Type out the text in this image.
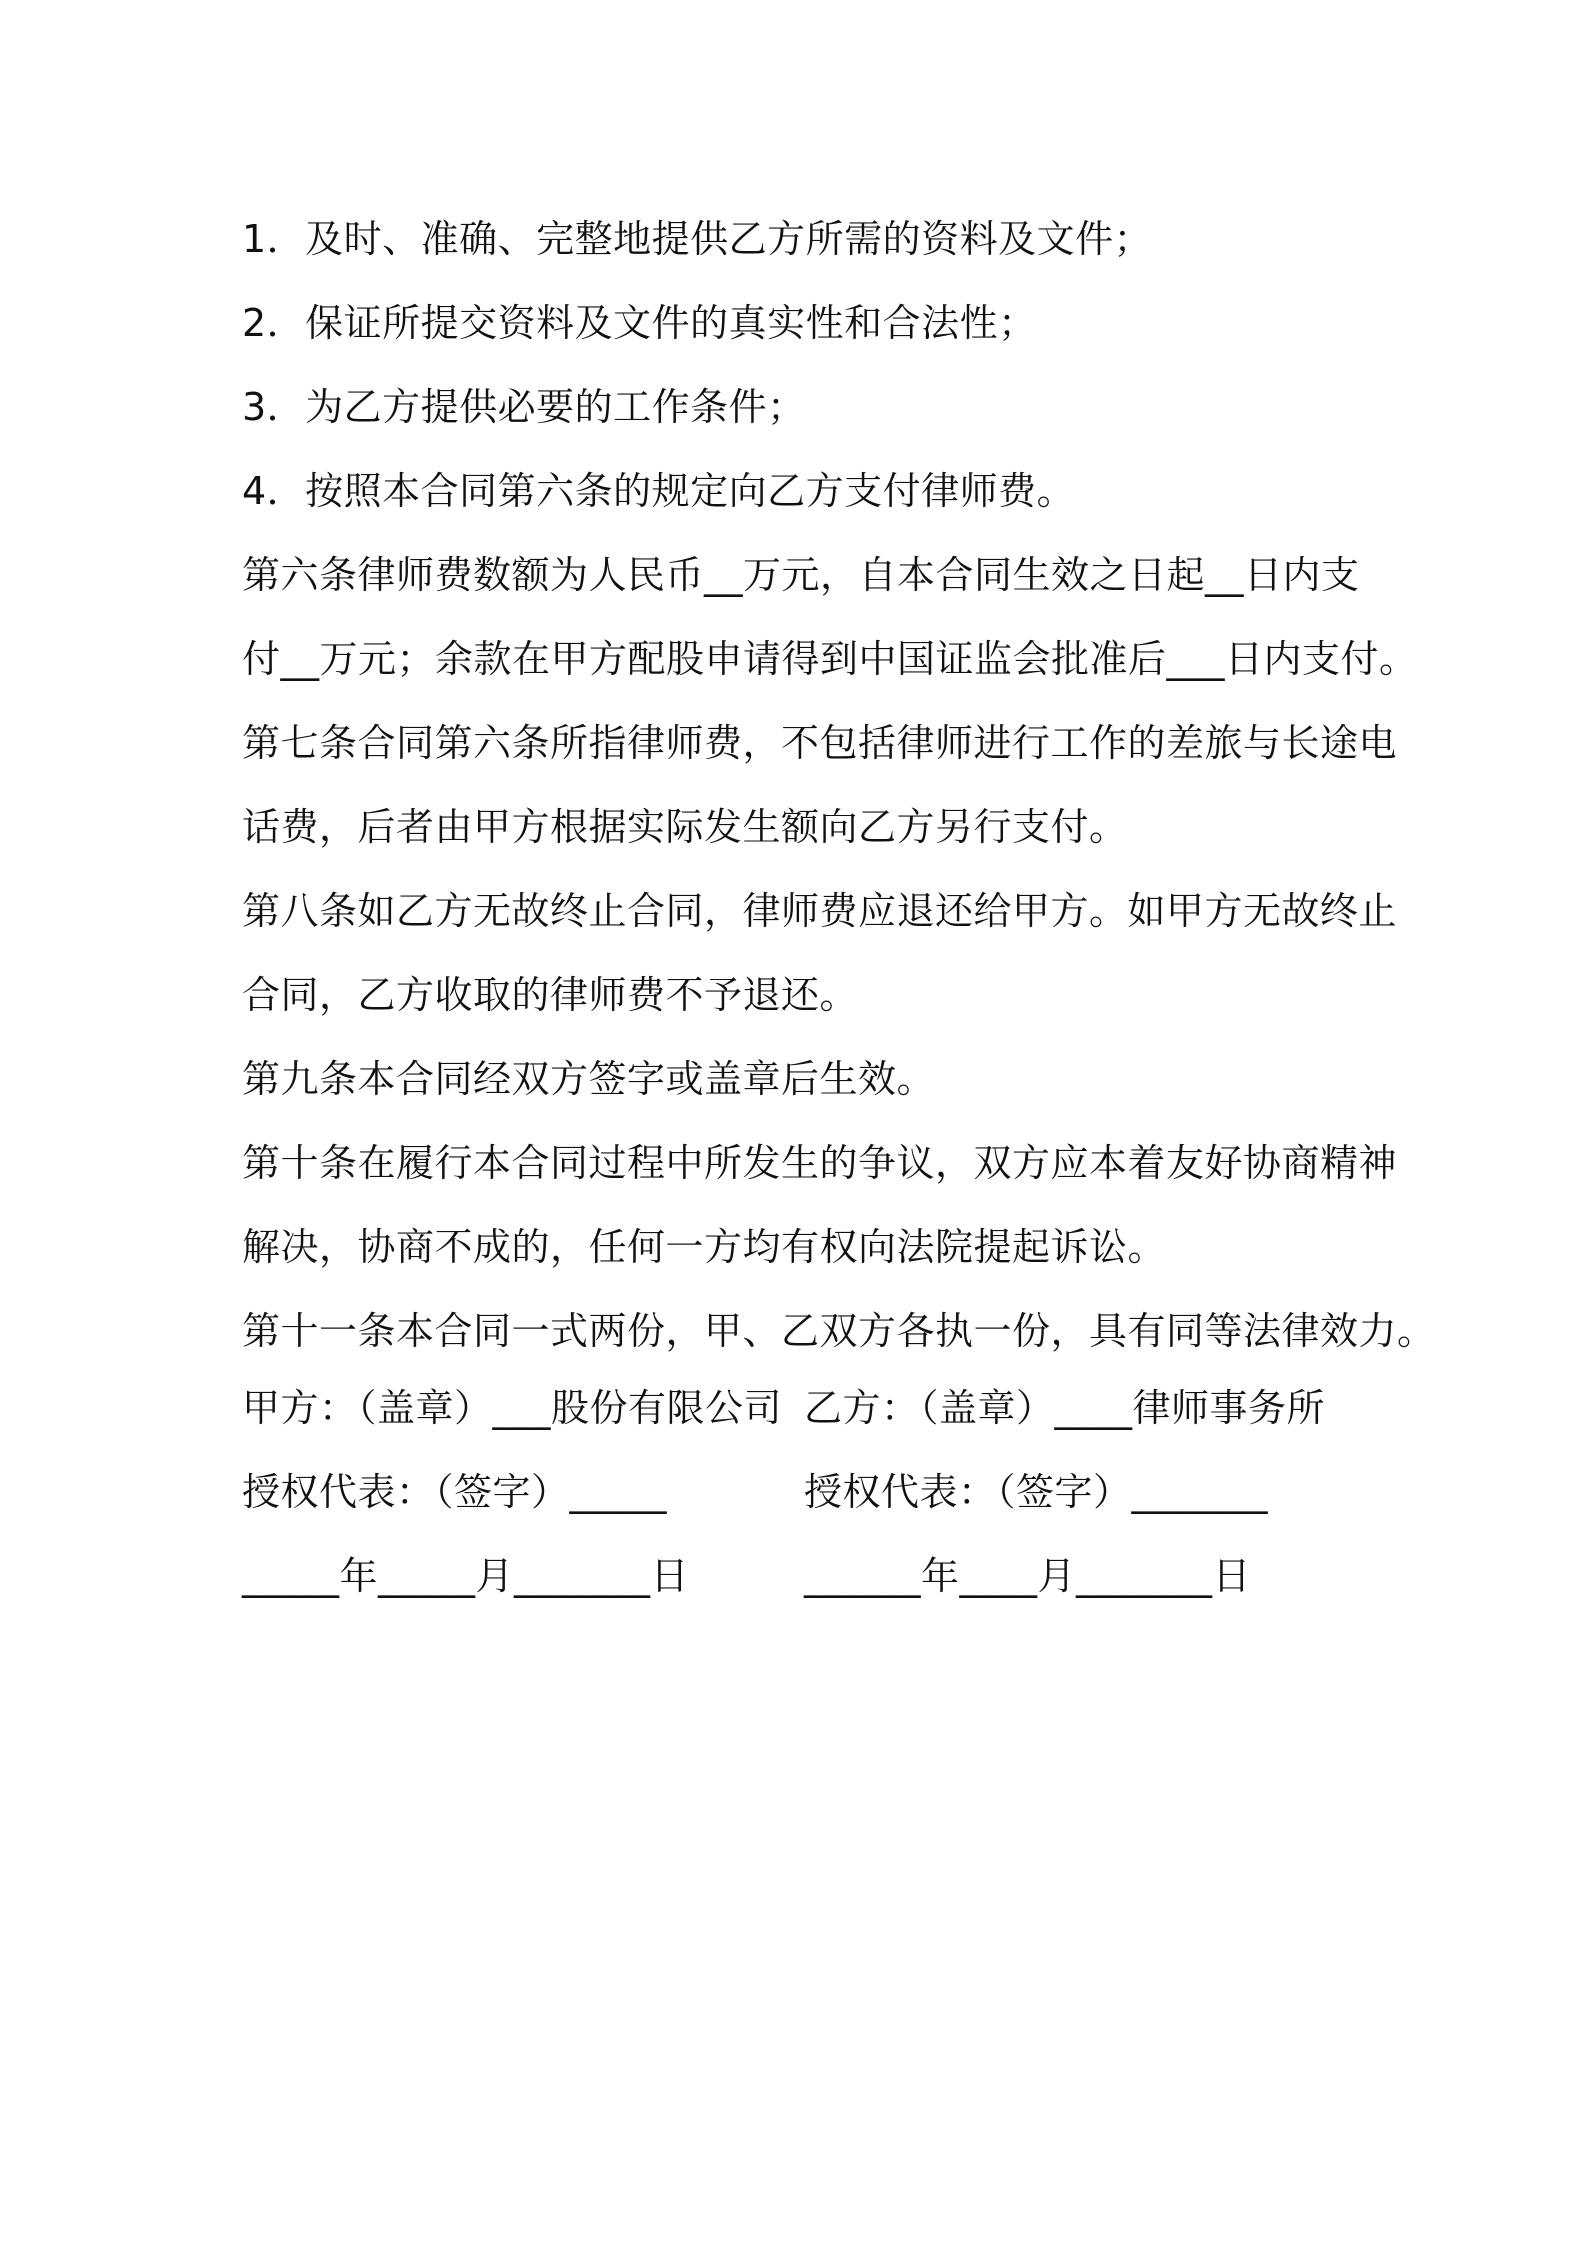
1．及时、准确、完整地提供乙方所需的资料及文件；
2．保证所提交资料及文件的真实性和合法性；
3．为乙方提供必要的工作条件；
4．按照本合同第六条的规定向乙方支付律师费。
第六条律师费数额为人民币__万元，自本合同生效之日起__日内支
付__万元；余款在甲方配股申请得到中国证监会批准后___日内支付。
第七条合同第六条所指律师费，不包括律师进行工作的差旅与长途电
话费，后者由甲方根据实际发生额向乙方另行支付。
第八条如乙方无故终止合同，律师费应退还给甲方。如甲方无故终止
合同，乙方收取的律师费不予退还。
第九条本合同经双方签字或盖章后生效。
第十条在履行本合同过程中所发生的争议，双方应本着友好协商精神
解决，协商不成的，任何一方均有权向法院提起诉讼。
第十一条本合同一式两份，甲、乙双方各执一份，具有同等法律效力。
甲方：（盖章）___股份有限公司 乙方：（盖章）____律师事务所
授权代表：（签字）_____	授权代表：（签字）_______
_____年_____月_______日	______年____月_______日
